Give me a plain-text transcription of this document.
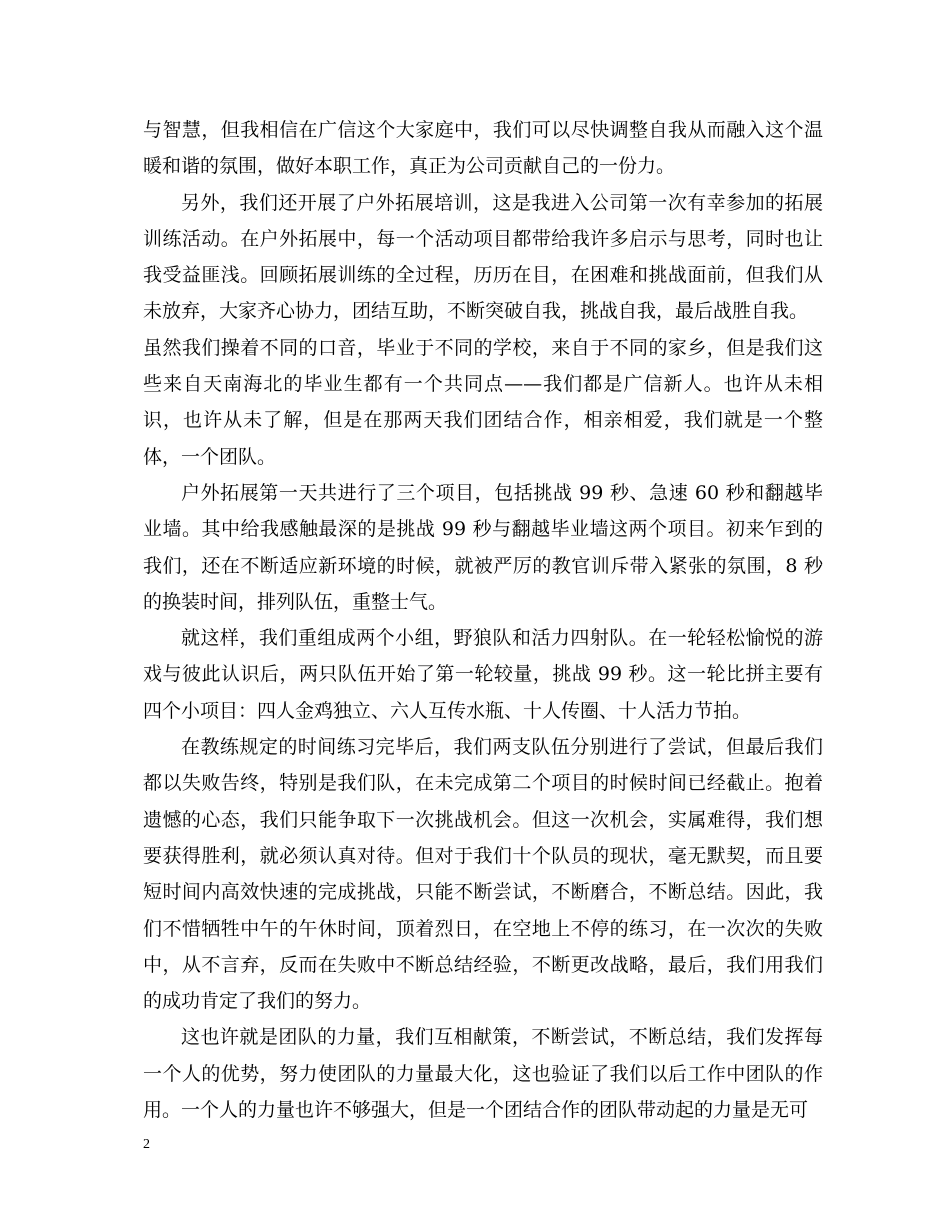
与智慧，但我相信在广信这个大家庭中，我们可以尽快调整自我从而融入这个温暖和谐的氛围，做好本职工作，真正为公司贡献自己的一份力。

另外，我们还开展了户外拓展培训，这是我进入公司第一次有幸参加的拓展训练活动。在户外拓展中，每一个活动项目都带给我许多启示与思考，同时也让我受益匪浅。回顾拓展训练的全过程，历历在目，在困难和挑战面前，但我们从未放弃，大家齐心协力，团结互助，不断突破自我，挑战自我，最后战胜自我。

虽然我们操着不同的口音，毕业于不同的学校，来自于不同的家乡，但是我们这些来自天南海北的毕业生都有一个共同点——我们都是广信新人。也许从未相识，也许从未了解，但是在那两天我们团结合作，相亲相爱，我们就是一个整体，一个团队。

户外拓展第一天共进行了三个项目，包括挑战 99 秒、急速 60 秒和翻越毕业墙。其中给我感触最深的是挑战 99 秒与翻越毕业墙这两个项目。初来乍到的我们，还在不断适应新环境的时候，就被严厉的教官训斥带入紧张的氛围，8 秒的换装时间，排列队伍，重整士气。

就这样，我们重组成两个小组，野狼队和活力四射队。在一轮轻松愉悦的游戏与彼此认识后，两只队伍开始了第一轮较量，挑战 99 秒。这一轮比拼主要有四个小项目：四人金鸡独立、六人互传水瓶、十人传圈、十人活力节拍。

在教练规定的时间练习完毕后，我们两支队伍分别进行了尝试，但最后我们都以失败告终，特别是我们队，在未完成第二个项目的时候时间已经截止。抱着遗憾的心态，我们只能争取下一次挑战机会。但这一次机会，实属难得，我们想要获得胜利，就必须认真对待。但对于我们十个队员的现状，毫无默契，而且要短时间内高效快速的完成挑战，只能不断尝试，不断磨合，不断总结。因此，我们不惜牺牲中午的午休时间，顶着烈日，在空地上不停的练习，在一次次的失败中，从不言弃，反而在失败中不断总结经验，不断更改战略，最后，我们用我们的成功肯定了我们的努力。

这也许就是团队的力量，我们互相献策，不断尝试，不断总结，我们发挥每一个人的优势，努力使团队的力量最大化，这也验证了我们以后工作中团队的作用。一个人的力量也许不够强大，但是一个团结合作的团队带动起的力量是无可

2
